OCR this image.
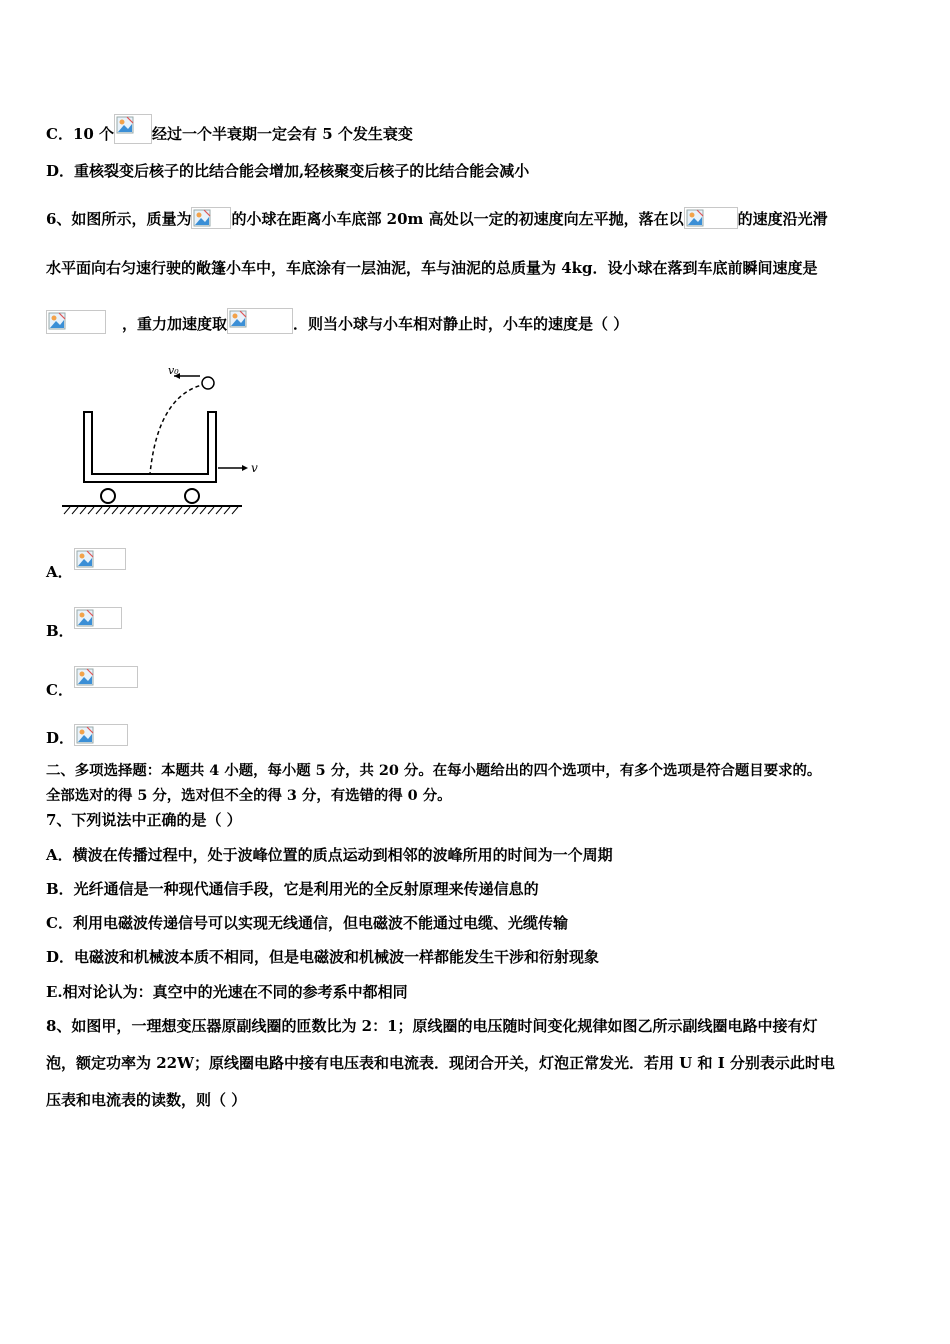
C．10 个	经过一个半衰期一定会有 5 个发生衰变
D．重核裂变后核子的比结合能会增加,轻核聚变后核子的比结合能会减小
6、如图所示，质量为	的小球在距离小车底部 20m 高处以一定的初速度向左平抛，落在以	的速度沿光滑
水平面向右匀速行驶的敞篷小车中，车底涂有一层油泥，车与油泥的总质量为 4kg．设小球在落到车底前瞬间速度是
，重力加速度取	．则当小球与小车相对静止时，小车的速度是（ ）
v₀
v
A．
B．
C．
D．
二、多项选择题：本题共 4 小题，每小题 5 分，共 20 分。在每小题给出的四个选项中，有多个选项是符合题目要求的。
全部选对的得 5 分，选对但不全的得 3 分，有选错的得 0 分。
7、下列说法中正确的是（ ）
A．横波在传播过程中，处于波峰位置的质点运动到相邻的波峰所用的时间为一个周期
B．光纤通信是一种现代通信手段，它是利用光的全反射原理来传递信息的
C．利用电磁波传递信号可以实现无线通信，但电磁波不能通过电缆、光缆传输
D．电磁波和机械波本质不相同，但是电磁波和机械波一样都能发生干涉和衍射现象
E.相对论认为：真空中的光速在不同的参考系中都相同
8、如图甲，一理想变压器原副线圈的匝数比为 2：1；原线圈的电压随时间变化规律如图乙所示副线圈电路中接有灯
泡，额定功率为 22W；原线圈电路中接有电压表和电流表．现闭合开关，灯泡正常发光．若用 U 和 I 分别表示此时电
压表和电流表的读数，则（ ）
